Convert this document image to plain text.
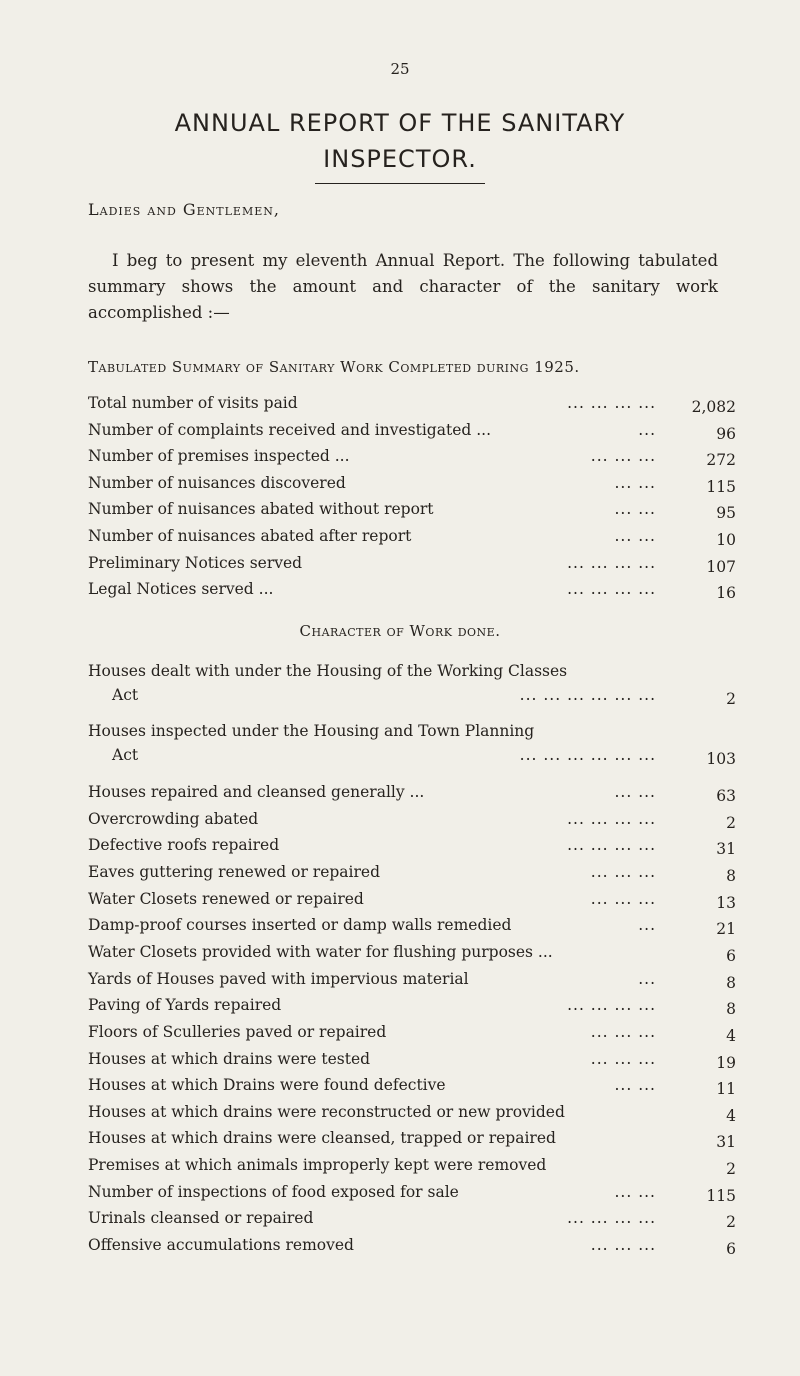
25
ANNUAL REPORT OF THE SANITARY
INSPECTOR.
Ladies and Gentlemen,
I beg to present my eleventh Annual Report. The following tabulated summary shows the amount and character of the sanitary work accomplished :—
Tabulated Summary of Sanitary Work Completed during 1925.
Total number of visits paid	... ... ... ... 2,082
Number of complaints received and investigated ...	...	96
Number of premises inspected ...	... ... ...	272
Number of nuisances discovered	... ...	115
Number of nuisances abated without report	... ...	95
Number of nuisances abated after report	... ...	10
Preliminary Notices served	... ... ... ...	107
Legal Notices served ...	... ... ... ...	16
Character of Work done.
Houses dealt with under the Housing of the Working Classes
Act	... ... ... ... ... ...	2
Houses inspected under the Housing and Town Planning
Act	... ... ... ... ... ...	103
Houses repaired and cleansed generally ...	... ...	63
Overcrowding abated	... ... ... ...	2
Defective roofs repaired	... ... ... ...	31
Eaves guttering renewed or repaired	... ... ...	8
Water Closets renewed or repaired	... ... ...	13
Damp-proof courses inserted or damp walls remedied	...	21
Water Closets provided with water for flushing purposes ...	6
Yards of Houses paved with impervious material	...	8
Paving of Yards repaired	... ... ... ...	8
Floors of Sculleries paved or repaired	... ... ...	4
Houses at which drains were tested	... ... ...	19
Houses at which Drains were found defective	... ...	11
Houses at which drains were reconstructed or new provided	4
Houses at which drains were cleansed, trapped or repaired	31
Premises at which animals improperly kept were removed	2
Number of inspections of food exposed for sale	... ...	115
Urinals cleansed or repaired	... ... ... ...	2
Offensive accumulations removed	... ... ...	6
